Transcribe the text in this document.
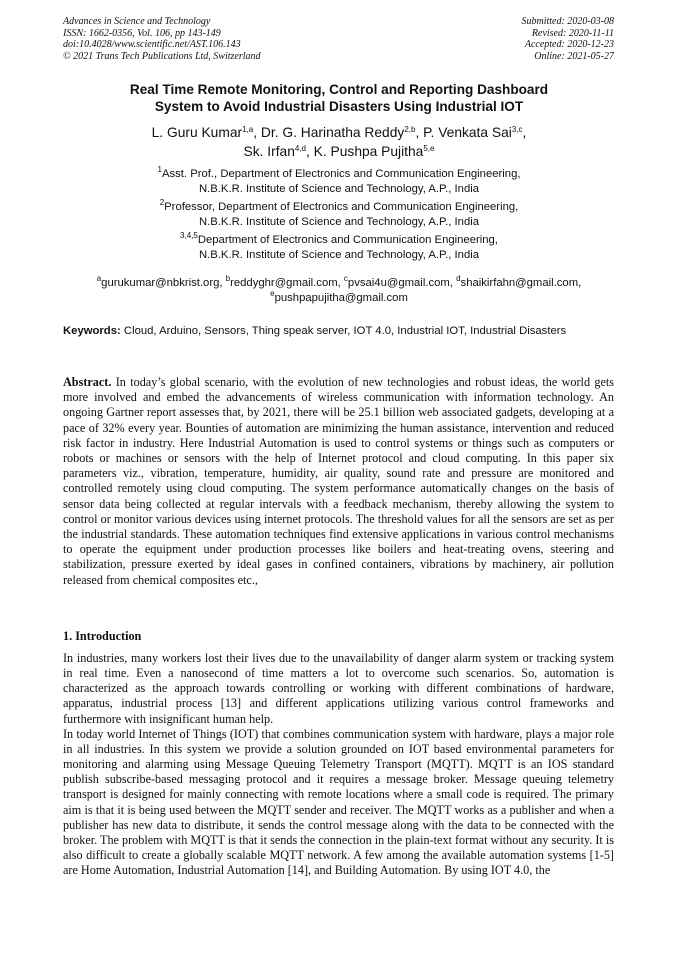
Advances in Science and Technology
ISSN: 1662-0356, Vol. 106, pp 143-149
doi:10.4028/www.scientific.net/AST.106.143
© 2021 Trans Tech Publications Ltd, Switzerland
Submitted: 2020-03-08
Revised: 2020-11-11
Accepted: 2020-12-23
Online: 2021-05-27
Real Time Remote Monitoring, Control and Reporting Dashboard
System to Avoid Industrial Disasters Using Industrial IOT
L. Guru Kumar$^{1,a}$, Dr. G. Harinatha Reddy$^{2,b}$, P. Venkata Sai$^{3,c}$,
Sk. Irfan$^{4,d}$, K. Pushpa Pujitha$^{5,e}$
$^1$Asst. Prof., Department of Electronics and Communication Engineering,
N.B.K.R. Institute of Science and Technology, A.P., India
$^2$Professor, Department of Electronics and Communication Engineering,
N.B.K.R. Institute of Science and Technology, A.P., India
$^{3,4,5}$Department of Electronics and Communication Engineering,
N.B.K.R. Institute of Science and Technology, A.P., India
$^a$gurukumar@nbkrist.org, $^b$reddyghr@gmail.com, $^c$pvsai4u@gmail.com, $^d$shaikirfahn@gmail.com,
$^e$pushpapujitha@gmail.com
Keywords: Cloud, Arduino, Sensors, Thing speak server, IOT 4.0, Industrial IOT, Industrial Disasters
Abstract. In today’s global scenario, with the evolution of new technologies and robust ideas, the world gets more involved and embed the advancements of wireless communication with information technology. An ongoing Gartner report assesses that, by 2021, there will be 25.1 billion web associated gadgets, developing at a pace of 32% every year. Bounties of automation are minimizing the human assistance, intervention and reduced risk factor in industry. Here Industrial Automation is used to control systems or things such as computers or robots or machines or sensors with the help of Internet protocol and cloud computing. In this paper six parameters viz., vibration, temperature, humidity, air quality, sound rate and pressure are monitored and controlled remotely using cloud computing. The system performance automatically changes on the basis of sensor data being collected at regular intervals with a feedback mechanism, thereby allowing the system to control or monitor various devices using internet protocols. The threshold values for all the sensors are set as per the industrial standards. These automation techniques find extensive applications in various control mechanisms to operate the equipment under production processes like boilers and heat-treating ovens, steering and stabilization, pressure exerted by ideal gases in confined containers, vibrations by machinery, air pollution released from chemical composites etc.,
1. Introduction

In industries, many workers lost their lives due to the unavailability of danger alarm system or tracking system in real time. Even a nanosecond of time matters a lot to overcome such scenarios. So, automation is characterized as the approach towards controlling or working with different combinations of hardware, apparatus, industrial process [13] and different applications utilizing various control frameworks and furthermore with insignificant human help.

In today world Internet of Things (IOT) that combines communication system with hardware, plays a major role in all industries. In this system we provide a solution grounded on IOT based environmental parameters for monitoring and alarming using Message Queuing Telemetry Transport (MQTT). MQTT is an IOS standard publish subscribe-based messaging protocol and it requires a message broker. Message queuing telemetry transport is designed for mainly connecting with remote locations where a small code is required. The primary aim is that it is being used between the MQTT sender and receiver. The MQTT works as a publisher and when a publisher has new data to distribute, it sends the control message along with the data to be connected with the broker. The problem with MQTT is that it sends the connection in the plain-text format without any security. It is also difficult to create a globally scalable MQTT network. A few among the available automation systems [1-5] are Home Automation, Industrial Automation [14], and Building Automation. By using IOT 4.0, the
